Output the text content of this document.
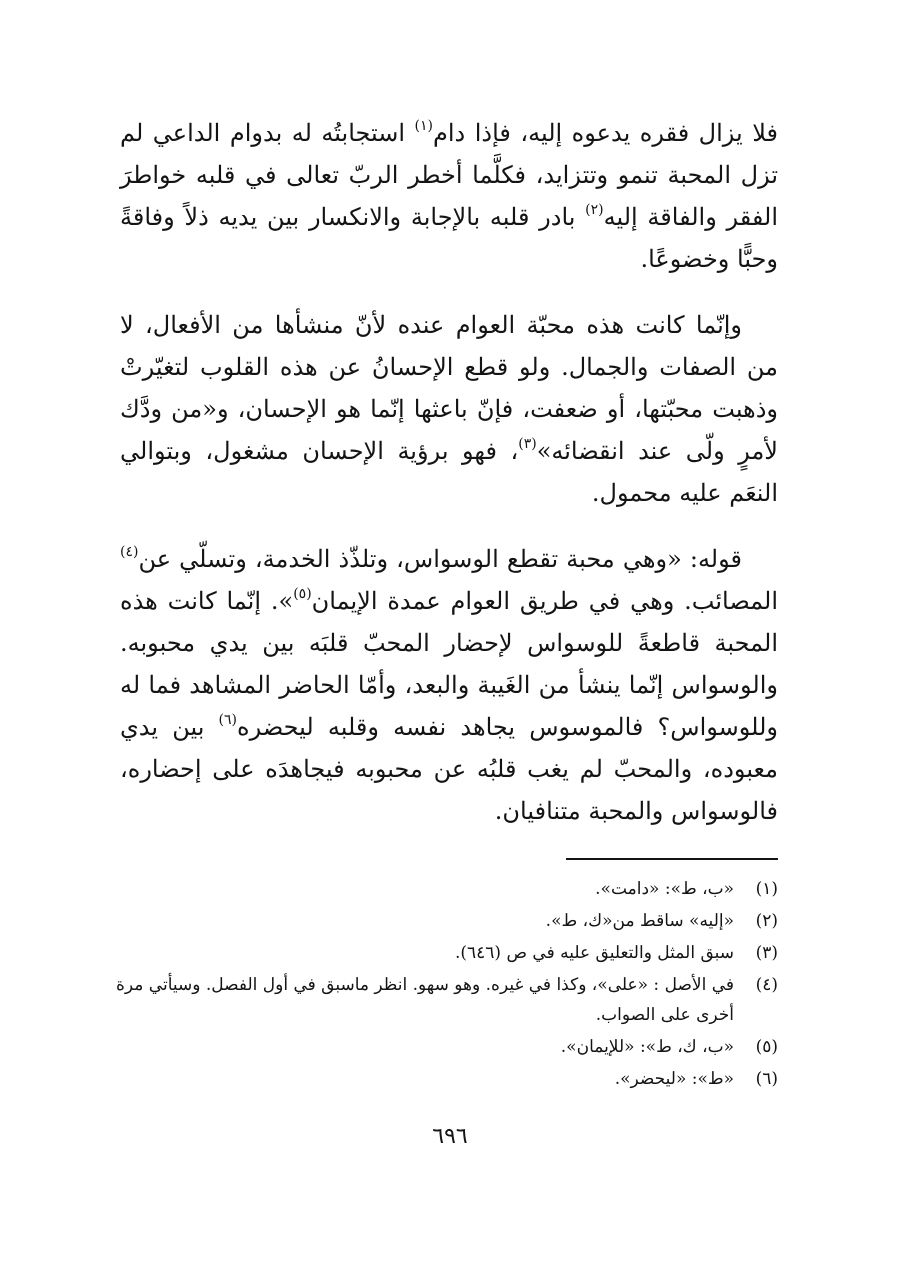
فلا يزال فقره يدعوه إليه، فإذا دام$^{(١)}$ استجابتُه له بدوام الداعي لم تزل المحبة تنمو وتتزايد، فكلَّما أخطر الربّ تعالى في قلبه خواطرَ الفقر والفاقة إليه$^{(٢)}$ بادر قلبه بالإجابة والانكسار بين يديه ذلاً وفاقةً وحبًّا وخضوعًا.

وإنّما كانت هذه محبّة العوام عنده لأنّ منشأها من الأفعال، لا من الصفات والجمال. ولو قطع الإحسانُ عن هذه القلوب لتغيّرتْ وذهبت محبّتها، أو ضعفت، فإنّ باعثها إنّما هو الإحسان، و«من ودَّك لأمرٍ ولّى عند انقضائه»$^{(٣)}$، فهو برؤية الإحسان مشغول، وبتوالي النعَم عليه محمول.

قوله: «وهي محبة تقطع الوسواس، وتلذّذ الخدمة، وتسلّي عن$^{(٤)}$ المصائب. وهي في طريق العوام عمدة الإيمان$^{(٥)}$». إنّما كانت هذه المحبة قاطعةً للوسواس لإحضار المحبّ قلبَه بين يدي محبوبه. والوسواس إنّما ينشأ من الغَيبة والبعد، وأمّا الحاضر المشاهد فما له وللوسواس؟ فالموسوس يجاهد نفسه وقلبه ليحضره$^{(٦)}$ بين يدي معبوده، والمحبّ لم يغب قلبُه عن محبوبه فيجاهدَه على إحضاره، فالوسواس والمحبة متنافيان.

(١)
«ب، ط»: «دامت».
(٢)
«إليه» ساقط من«ك، ط».
(٣)
سبق المثل والتعليق عليه في ص (٦٤٦).
(٤)
في الأصل : «على»، وكذا في غيره. وهو سهو. انظر ماسبق في أول الفصل. وسيأتي مرة أخرى على الصواب.
(٥)
«ب، ك، ط»: «للإيمان».
(٦)
«ط»: «ليحضر».
٦٩٦
